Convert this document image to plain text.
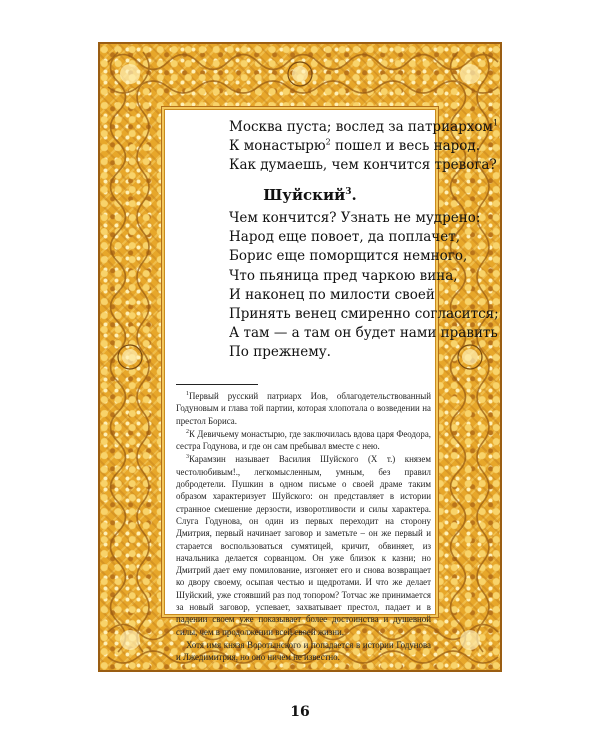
Москва пуста; вослед за патриархом$^1$
К монастырю$^2$ пошел и весь народ.
Как думаешь, чем кончится тревога?
Шуйский$^3$.
Чем кончится? Узнать не мудрено:
Народ еще повоет, да поплачет,
Борис еще поморщится немного,
Что пьяница пред чаркою вина,
И наконец по милости своей
Принять венец смиренно согласится;
А там — а там он будет нами править
По прежнему.

$^1$Первый русский патриарх Иов, облагодетельствованный Годуновым и глава той партии, которая хлопотала о возведении на престол Бориса.

$^2$К Девичьему монастырю, где заключилась вдова царя Феодора, сестра Годунова, и где он сам пребывал вместе с нею.

$^3$Карамзин называет Василия Шуйского (X т.) князем честолюбивым!., легкомысленным, умным, без правил добродетели. Пушкин в одном письме о своей драме таким образом характеризует Шуйского: он представляет в истории странное смешение дерзости, изворотливости и силы характера. Слуга Годунова, он один из первых переходит на сторону Дмитрия, первый начинает заговор и заметьте – он же первый и старается воспользоваться сумятицей, кричит, обвиняет, из начальника делается сорванцом. Он уже близок к казни; но Дмитрий дает ему помилование, изгоняет его и снова возвращает ко двору своему, осыпая честью и щедротами. И что же делает Шуйский, уже стоявший раз под топором? Тотчас же принимается за новый заговор, успевает, захватывает престол, падает и в падении своем уже показывает более достоинства и душевной силы, чем в продолжении всей своей жизни.

Хотя имя князя Воротынского и попадается в истории Годунова и Лжедимитрия, но оно ничем не известно.

16
